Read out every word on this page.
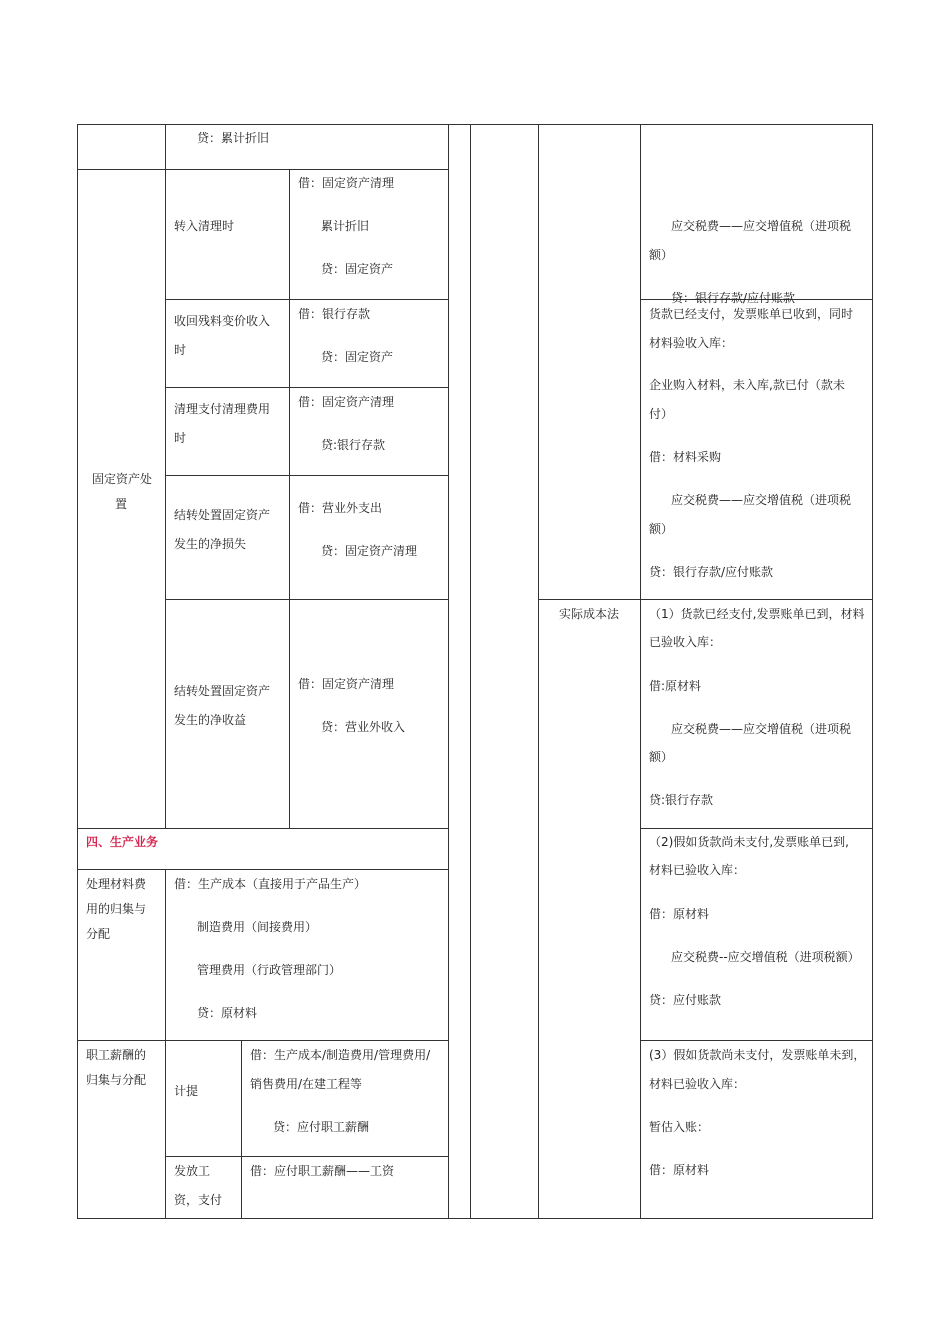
贷：累计折旧
固定资产处
置
转入清理时
借：固定资产清理
累计折旧
贷：固定资产
收回残料变价收入
时
借：银行存款
贷：固定资产
清理支付清理费用
时
借：固定资产清理
贷:银行存款
结转处置固定资产
发生的净损失
借：营业外支出
贷：固定资产清理
结转处置固定资产
发生的净收益
借：固定资产清理
贷：营业外收入
四、生产业务
处理材料费
用的归集与
分配
借：生产成本（直接用于产品生产）
制造费用（间接费用）
管理费用（行政管理部门）
贷：原材料
职工薪酬的
归集与分配
计提
借：生产成本/制造费用/管理费用/
销售费用/在建工程等
贷：应付职工薪酬
发放工
资，支付
借：应付职工薪酬——工资
应交税费——应交增值税（进项税
额）
贷：银行存款/应付账款
货款已经支付，发票账单已收到，同时
材料验收入库：
企业购入材料，未入库,款已付（款未
付）
借：材料采购
应交税费——应交增值税（进项税
额）
贷：银行存款/应付账款
实际成本法 （1）货款已经支付,发票账单已到，材料
已验收入库：
借:原材料
应交税费——应交增值税（进项税
额）
贷:银行存款
（2)假如货款尚未支付,发票账单已到,
材料已验收入库：
借：原材料
应交税费--应交增值税（进项税额）
贷：应付账款
(3）假如货款尚未支付，发票账单未到，
材料已验收入库：
暂估入账：
借：原材料
